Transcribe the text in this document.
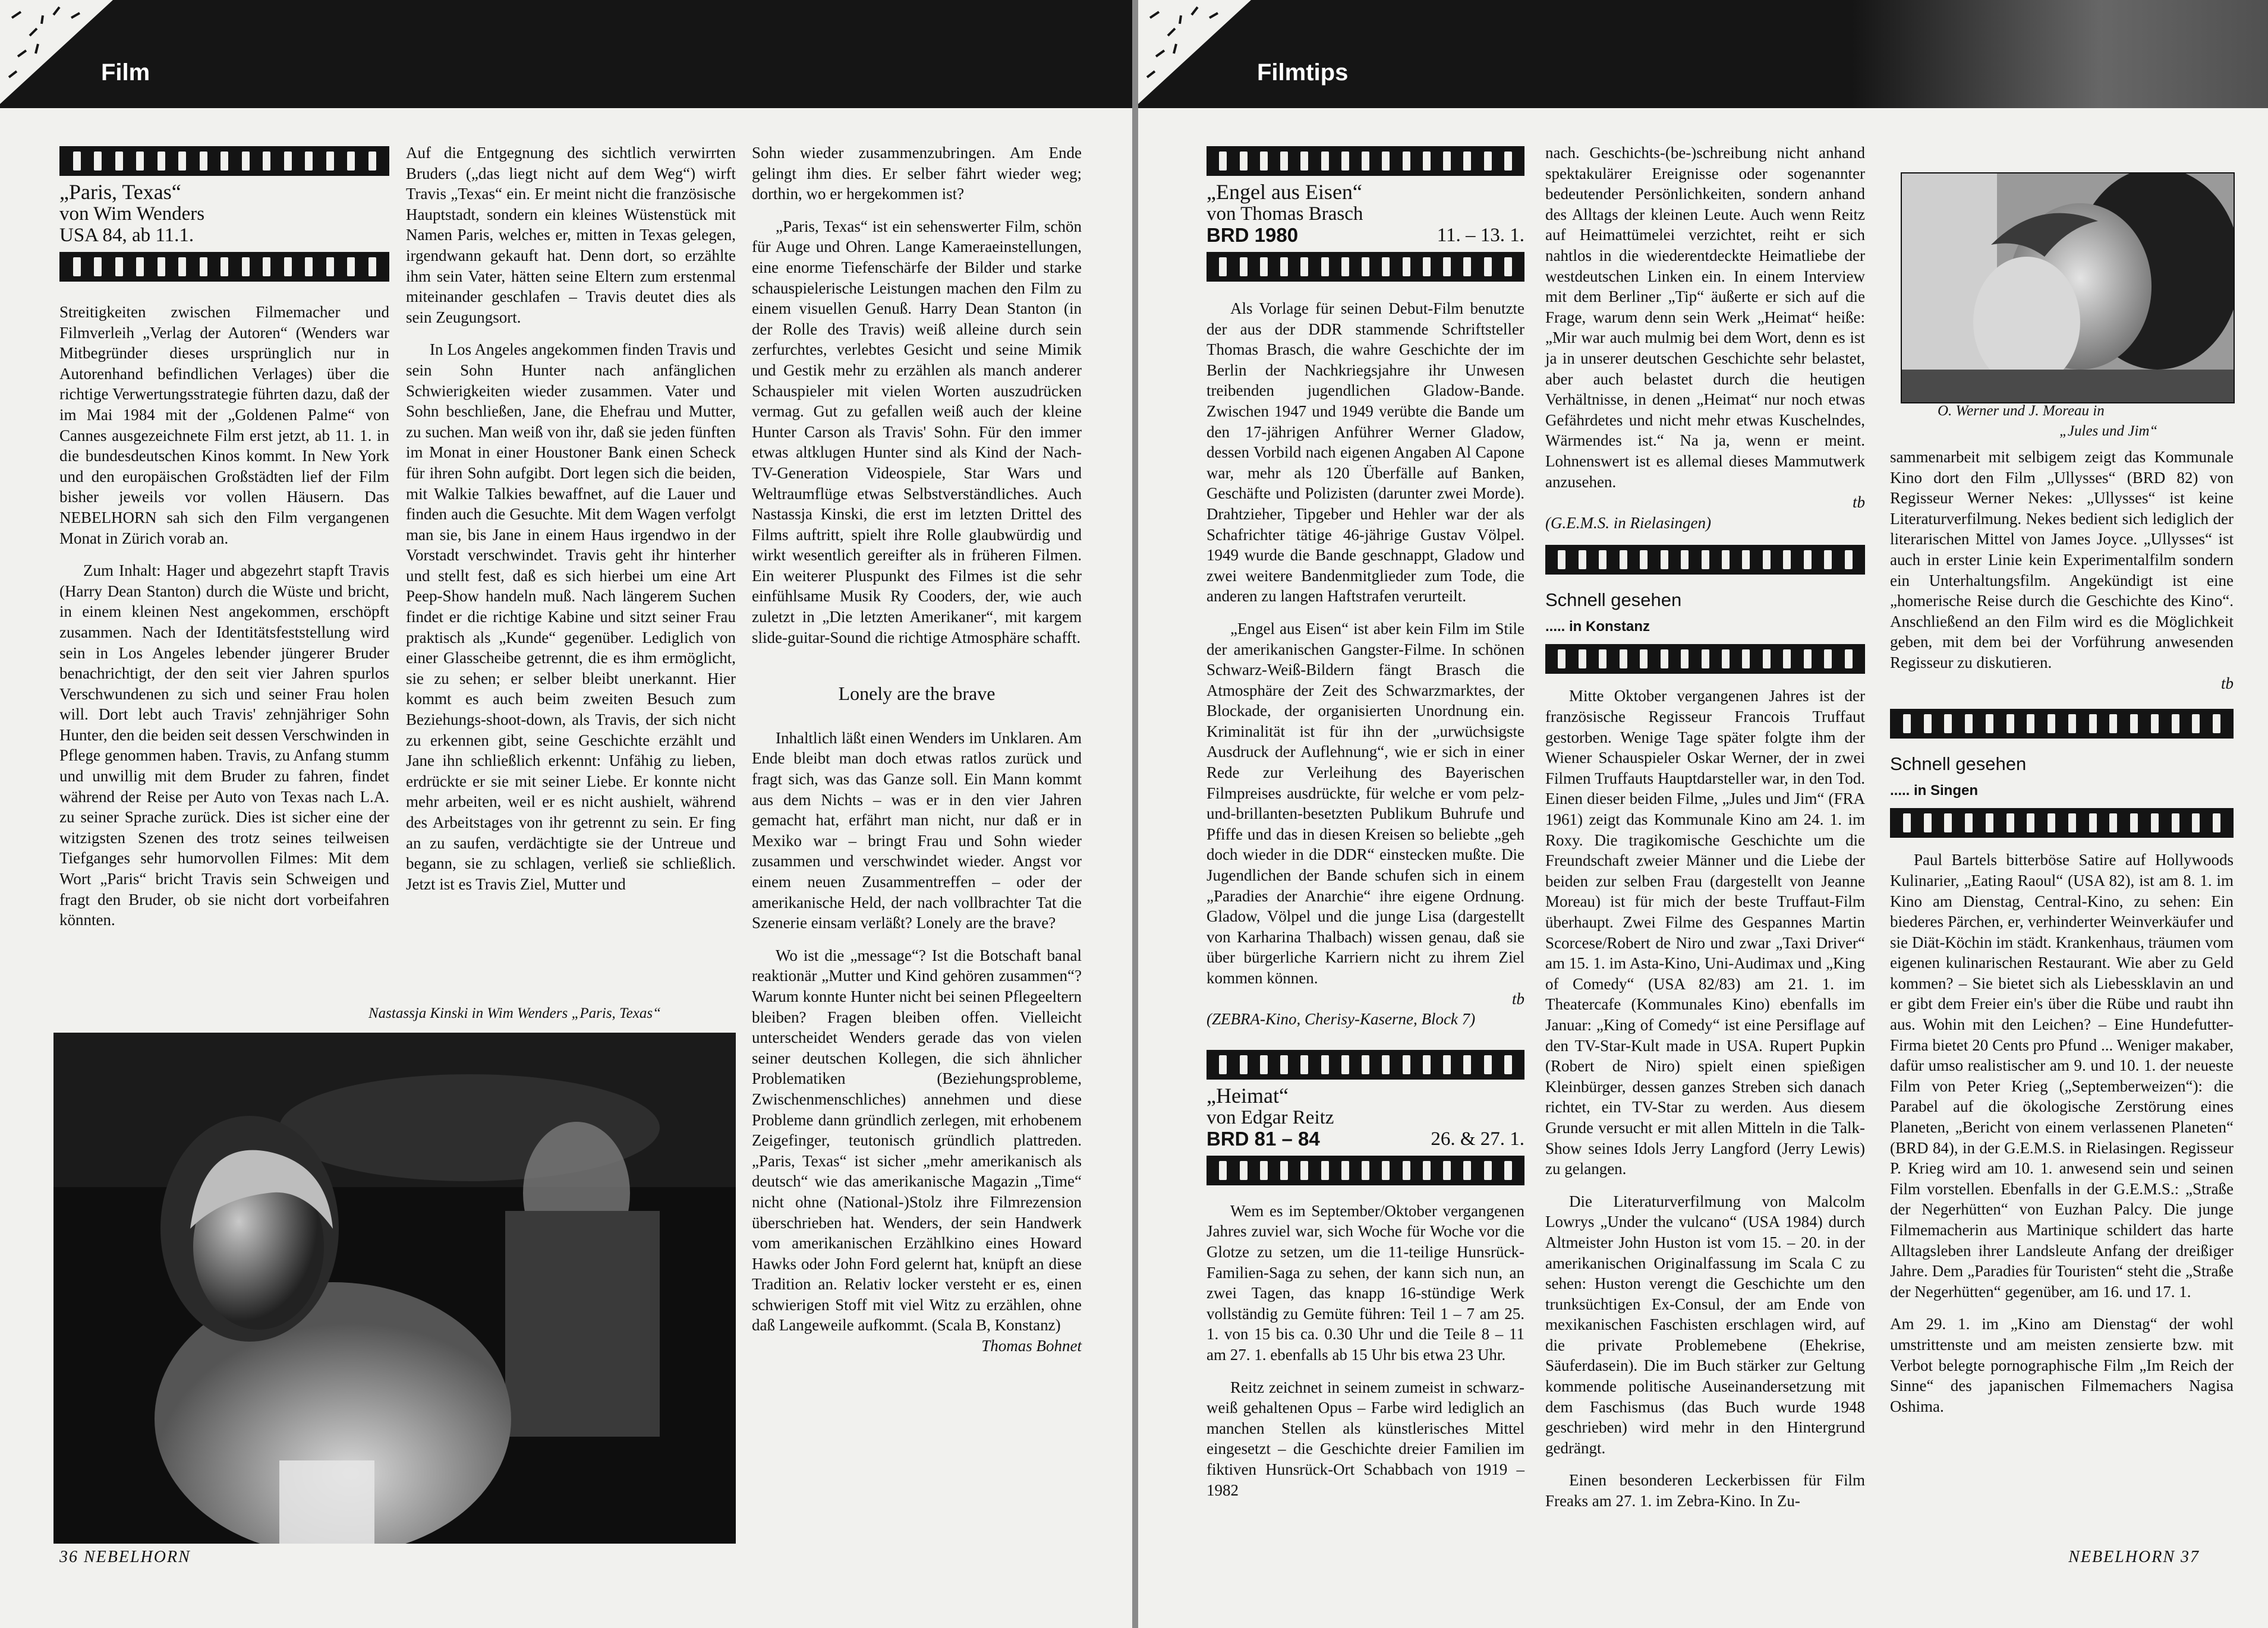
Film
„Paris, Texas“
von Wim Wenders
USA 84, ab 11.1.

Streitigkeiten zwischen Filmemacher und Filmverleih „Verlag der Autoren“ (Wenders war Mitbegründer dieses ursprünglich nur in Autorenhand befindlichen Verlages) über die richtige Verwertungsstrategie führten dazu, daß der im Mai 1984 mit der „Goldenen Palme“ von Cannes ausgezeichnete Film erst jetzt, ab 11. 1. in die bundesdeutschen Kinos kommt. In New York und den europäischen Großstädten lief der Film bisher jeweils vor vollen Häusern. Das NEBELHORN sah sich den Film vergangenen Monat in Zürich vorab an.

Zum Inhalt: Hager und abgezehrt stapft Travis (Harry Dean Stanton) durch die Wüste und bricht, in einem kleinen Nest angekommen, erschöpft zusammen. Nach der Identitätsfeststellung wird sein in Los Angeles lebender jüngerer Bruder benachrichtigt, der den seit vier Jahren spurlos Verschwundenen zu sich und seiner Frau holen will. Dort lebt auch Travis' zehnjähriger Sohn Hunter, den die beiden seit dessen Verschwinden in Pflege genommen haben. Travis, zu Anfang stumm und unwillig mit dem Bruder zu fahren, findet während der Reise per Auto von Texas nach L.A. zu seiner Sprache zurück. Dies ist sicher eine der witzigsten Szenen des trotz seines teilweisen Tiefganges sehr humorvollen Filmes: Mit dem Wort „Paris“ bricht Travis sein Schweigen und fragt den Bruder, ob sie nicht dort vorbeifahren könnten.

Auf die Entgegnung des sichtlich verwirrten Bruders („das liegt nicht auf dem Weg“) wirft Travis „Texas“ ein. Er meint nicht die französische Hauptstadt, sondern ein kleines Wüstenstück mit Namen Paris, welches er, mitten in Texas gelegen, irgendwann gekauft hat. Denn dort, so erzählte ihm sein Vater, hätten seine Eltern zum erstenmal miteinander geschlafen – Travis deutet dies als sein Zeugungsort.

In Los Angeles angekommen finden Travis und sein Sohn Hunter nach anfänglichen Schwierigkeiten wieder zusammen. Vater und Sohn beschließen, Jane, die Ehefrau und Mutter, zu suchen. Man weiß von ihr, daß sie jeden fünften im Monat in einer Houstoner Bank einen Scheck für ihren Sohn aufgibt. Dort legen sich die beiden, mit Walkie Talkies bewaffnet, auf die Lauer und finden auch die Gesuchte. Mit dem Wagen verfolgt man sie, bis Jane in einem Haus irgendwo in der Vorstadt verschwindet. Travis geht ihr hinterher und stellt fest, daß es sich hierbei um eine Art Peep-Show handeln muß. Nach längerem Suchen findet er die richtige Kabine und sitzt seiner Frau praktisch als „Kunde“ gegenüber. Lediglich von einer Glasscheibe getrennt, die es ihm ermöglicht, sie zu sehen; er selber bleibt unerkannt. Hier kommt es auch beim zweiten Besuch zum Beziehungs-shoot-down, als Travis, der sich nicht zu erkennen gibt, seine Geschichte erzählt und Jane ihn schließlich erkennt: Unfähig zu lieben, erdrückte er sie mit seiner Liebe. Er konnte nicht mehr arbeiten, weil er es nicht aushielt, während des Arbeitstages von ihr getrennt zu sein. Er fing an zu saufen, verdächtigte sie der Untreue und begann, sie zu schlagen, verließ sie schließlich. Jetzt ist es Travis Ziel, Mutter und

Nastassja Kinski in Wim Wenders „Paris, Texas“

Sohn wieder zusammenzubringen. Am Ende gelingt ihm dies. Er selber fährt wieder weg; dorthin, wo er hergekommen ist?

„Paris, Texas“ ist ein sehenswerter Film, schön für Auge und Ohren. Lange Kameraeinstellungen, eine enorme Tiefenschärfe der Bilder und starke schauspielerische Leistungen machen den Film zu einem visuellen Genuß. Harry Dean Stanton (in der Rolle des Travis) weiß alleine durch sein zerfurchtes, verlebtes Gesicht und seine Mimik und Gestik mehr zu erzählen als manch anderer Schauspieler mit vielen Worten auszudrücken vermag. Gut zu gefallen weiß auch der kleine Hunter Carson als Travis' Sohn. Für den immer etwas altklugen Hunter sind als Kind der Nach-TV-Generation Videospiele, Star Wars und Weltraumflüge etwas Selbstverständliches. Auch Nastassja Kinski, die erst im letzten Drittel des Films auftritt, spielt ihre Rolle glaubwürdig und wirkt wesentlich gereifter als in früheren Filmen. Ein weiterer Pluspunkt des Filmes ist die sehr einfühlsame Musik Ry Cooders, der, wie auch zuletzt in „Die letzten Amerikaner“, mit kargem slide-guitar-Sound die richtige Atmosphäre schafft.

Lonely are the brave

Inhaltlich läßt einen Wenders im Unklaren. Am Ende bleibt man doch etwas ratlos zurück und fragt sich, was das Ganze soll. Ein Mann kommt aus dem Nichts – was er in den vier Jahren gemacht hat, erfährt man nicht, nur daß er in Mexiko war – bringt Frau und Sohn wieder zusammen und verschwindet wieder. Angst vor einem neuen Zusammentreffen – oder der amerikanische Held, der nach vollbrachter Tat die Szenerie einsam verläßt? Lonely are the brave?

Wo ist die „message“? Ist die Botschaft banal reaktionär „Mutter und Kind gehören zusammen“? Warum konnte Hunter nicht bei seinen Pflegeeltern bleiben? Fragen bleiben offen. Vielleicht unterscheidet Wenders gerade das von vielen seiner deutschen Kollegen, die sich ähnlicher Problematiken (Beziehungsprobleme, Zwischenmenschliches) annehmen und diese Probleme dann gründlich zerlegen, mit erhobenem Zeigefinger, teutonisch gründlich plattreden. „Paris, Texas“ ist sicher „mehr amerikanisch als deutsch“ wie das amerikanische Magazin „Time“ nicht ohne (National-)Stolz ihre Filmrezension überschrieben hat. Wenders, der sein Handwerk vom amerikanischen Erzählkino eines Howard Hawks oder John Ford gelernt hat, knüpft an diese Tradition an. Relativ locker versteht er es, einen schwierigen Stoff mit viel Witz zu erzählen, ohne daß Langeweile aufkommt. (Scala B, Konstanz)

Thomas Bohnet
36 NEBELHORN
Filmtips
„Engel aus Eisen“
von Thomas Brasch
BRD 1980	11. – 13. 1.

Als Vorlage für seinen Debut-Film benutzte der aus der DDR stammende Schriftsteller Thomas Brasch, die wahre Geschichte der im Berlin der Nachkriegsjahre ihr Unwesen treibenden jugendlichen Gladow-Bande. Zwischen 1947 und 1949 verübte die Bande um den 17-jährigen Anführer Werner Gladow, dessen Vorbild nach eigenen Angaben Al Capone war, mehr als 120 Überfälle auf Banken, Geschäfte und Polizisten (darunter zwei Morde). Drahtzieher, Tipgeber und Hehler war der als Schafrichter tätige 46-jährige Gustav Völpel. 1949 wurde die Bande geschnappt, Gladow und zwei weitere Bandenmitglieder zum Tode, die anderen zu langen Haftstrafen verurteilt.

„Engel aus Eisen“ ist aber kein Film im Stile der amerikanischen Gangster-Filme. In schönen Schwarz-Weiß-Bildern fängt Brasch die Atmosphäre der Zeit des Schwarzmarktes, der Blockade, der organisierten Unordnung ein. Kriminalität ist für ihn der „urwüchsigste Ausdruck der Auflehnung“, wie er sich in einer Rede zur Verleihung des Bayerischen Filmpreises ausdrückte, für welche er vom pelz-und-brillanten-besetzten Publikum Buhrufe und Pfiffe und das in diesen Kreisen so beliebte „geh doch wieder in die DDR“ einstecken mußte. Die Jugendlichen der Bande schufen sich in einem „Paradies der Anarchie“ ihre eigene Ordnung. Gladow, Völpel und die junge Lisa (dargestellt von Karharina Thalbach) wissen genau, daß sie über bürgerliche Karriern nicht zu ihrem Ziel kommen können.

tb
(ZEBRA-Kino, Cherisy-Kaserne, Block 7)
„Heimat“
von Edgar Reitz
BRD 81 – 84	26. & 27. 1.

Wem es im September/Oktober vergangenen Jahres zuviel war, sich Woche für Woche vor die Glotze zu setzen, um die 11-teilige Hunsrück-Familien-Saga zu sehen, der kann sich nun, an zwei Tagen, das knapp 16-stündige Werk vollständig zu Gemüte führen: Teil 1 – 7 am 25. 1. von 15 bis ca. 0.30 Uhr und die Teile 8 – 11 am 27. 1. ebenfalls ab 15 Uhr bis etwa 23 Uhr.

Reitz zeichnet in seinem zumeist in schwarz-weiß gehaltenen Opus – Farbe wird lediglich an manchen Stellen als künstlerisches Mittel eingesetzt – die Geschichte dreier Familien im fiktiven Hunsrück-Ort Schabbach von 1919 – 1982

nach. Geschichts-(be-)schreibung nicht anhand spektakulärer Ereignisse oder sogenannter bedeutender Persönlichkeiten, sondern anhand des Alltags der kleinen Leute. Auch wenn Reitz auf Heimattümelei verzichtet, reiht er sich nahtlos in die wiederentdeckte Heimatliebe der westdeutschen Linken ein. In einem Interview mit dem Berliner „Tip“ äußerte er sich auf die Frage, warum denn sein Werk „Heimat“ heiße: „Mir war auch mulmig bei dem Wort, denn es ist ja in unserer deutschen Geschichte sehr belastet, aber auch belastet durch die heutigen Verhältnisse, in denen „Heimat“ nur noch etwas Gefährdetes und nicht mehr etwas Kuschelndes, Wärmendes ist.“ Na ja, wenn er meint. Lohnenswert ist es allemal dieses Mammutwerk anzusehen.

tb
(G.E.M.S. in Rielasingen)
Schnell gesehen
..... in Konstanz

Mitte Oktober vergangenen Jahres ist der französische Regisseur Francois Truffaut gestorben. Wenige Tage später folgte ihm der Wiener Schauspieler Oskar Werner, der in zwei Filmen Truffauts Hauptdarsteller war, in den Tod. Einen dieser beiden Filme, „Jules und Jim“ (FRA 1961) zeigt das Kommunale Kino am 24. 1. im Roxy. Die tragikomische Geschichte um die Freundschaft zweier Männer und die Liebe der beiden zur selben Frau (dargestellt von Jeanne Moreau) ist für mich der beste Truffaut-Film überhaupt. Zwei Filme des Gespannes Martin Scorcese/Robert de Niro und zwar „Taxi Driver“ am 15. 1. im Asta-Kino, Uni-Audimax und „King of Comedy“ (USA 82/83) am 21. 1. im Theatercafe (Kommunales Kino) ebenfalls im Januar: „King of Comedy“ ist eine Persiflage auf den TV-Star-Kult made in USA. Rupert Pupkin (Robert de Niro) spielt einen spießigen Kleinbürger, dessen ganzes Streben sich danach richtet, ein TV-Star zu werden. Aus diesem Grunde versucht er mit allen Mitteln in die Talk-Show seines Idols Jerry Langford (Jerry Lewis) zu gelangen.

Die Literaturverfilmung von Malcolm Lowrys „Under the vulcano“ (USA 1984) durch Altmeister John Huston ist vom 15. – 20. in der amerikanischen Originalfassung im Scala C zu sehen: Huston verengt die Geschichte um den trunksüchtigen Ex-Consul, der am Ende von mexikanischen Faschisten erschlagen wird, auf die private Problemebene (Ehekrise, Säuferdasein). Die im Buch stärker zur Geltung kommende politische Auseinandersetzung mit dem Faschismus (das Buch wurde 1948 geschrieben) wird mehr in den Hintergrund gedrängt.

Einen besonderen Leckerbissen für Film Freaks am 27. 1. im Zebra-Kino. In Zu-

O. Werner und J. Moreau in
„Jules und Jim“

sammenarbeit mit selbigem zeigt das Kommunale Kino dort den Film „Ullysses“ (BRD 82) von Regisseur Werner Nekes: „Ullysses“ ist keine Literaturverfilmung. Nekes bedient sich lediglich der literarischen Mittel von James Joyce. „Ullysses“ ist auch in erster Linie kein Experimentalfilm sondern ein Unterhaltungsfilm. Angekündigt ist eine „homerische Reise durch die Geschichte des Kino“. Anschließend an den Film wird es die Möglichkeit geben, mit dem bei der Vorführung anwesenden Regisseur zu diskutieren.

tb
Schnell gesehen
..... in Singen

Paul Bartels bitterböse Satire auf Hollywoods Kulinarier, „Eating Raoul“ (USA 82), ist am 8. 1. im Kino am Dienstag, Central-Kino, zu sehen: Ein biederes Pärchen, er, verhinderter Weinverkäufer und sie Diät-Köchin im städt. Krankenhaus, träumen vom eigenen kulinarischen Restaurant. Wie aber zu Geld kommen? – Sie bietet sich als Liebessklavin an und er gibt dem Freier ein's über die Rübe und raubt ihn aus. Wohin mit den Leichen? – Eine Hundefutter-Firma bietet 20 Cents pro Pfund ... Weniger makaber, dafür umso realistischer am 9. und 10. 1. der neueste Film von Peter Krieg („Septemberweizen“): die Parabel auf die ökologische Zerstörung eines Planeten, „Bericht von einem verlassenen Planeten“ (BRD 84), in der G.E.M.S. in Rielasingen. Regisseur P. Krieg wird am 10. 1. anwesend sein und seinen Film vorstellen. Ebenfalls in der G.E.M.S.: „Straße der Negerhütten“ von Euzhan Palcy. Die junge Filmemacherin aus Martinique schildert das harte Alltagsleben ihrer Landsleute Anfang der dreißiger Jahre. Dem „Paradies für Touristen“ steht die „Straße der Negerhütten“ gegenüber, am 16. und 17. 1.

Am 29. 1. im „Kino am Dienstag“ der wohl umstrittenste und am meisten zensierte bzw. mit Verbot belegte pornographische Film „Im Reich der Sinne“ des japanischen Filmemachers Nagisa Oshima.

NEBELHORN 37
